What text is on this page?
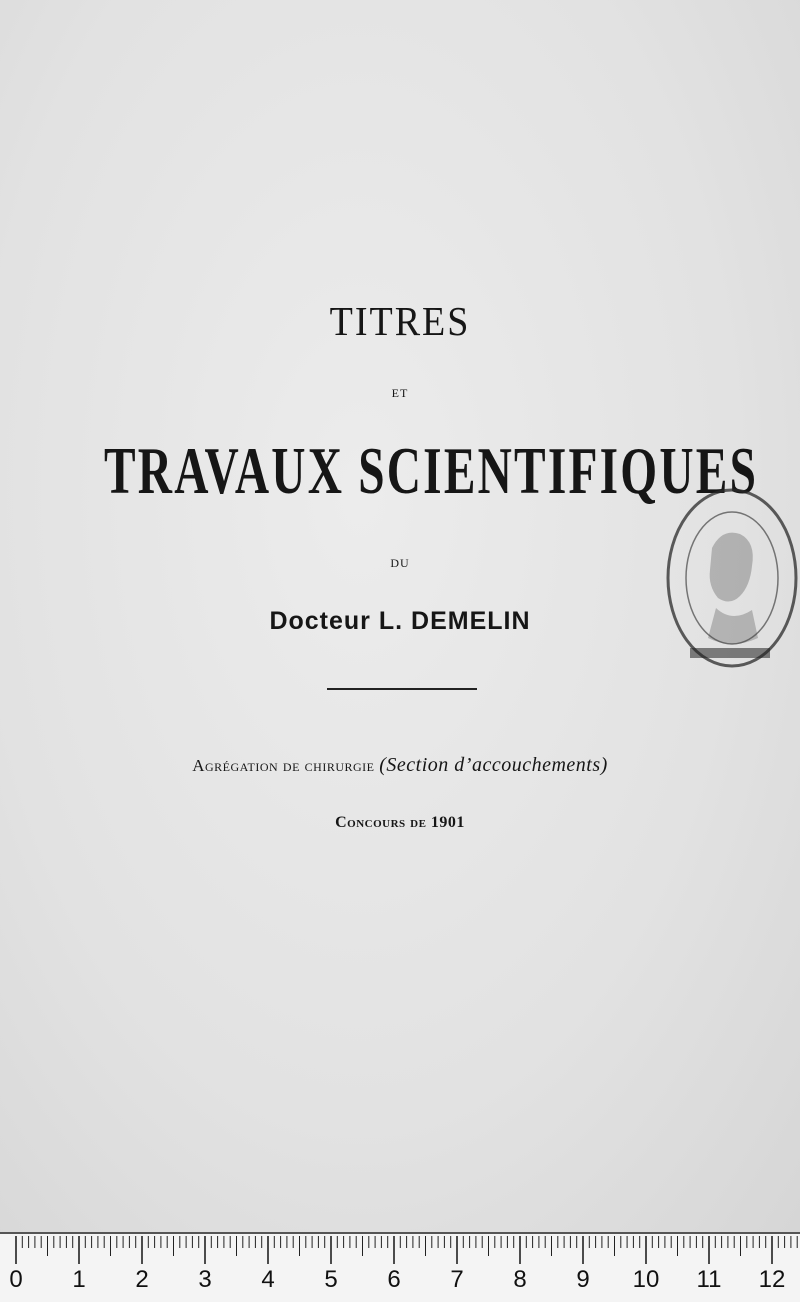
TITRES
ET
TRAVAUX SCIENTIFIQUES
DU
Docteur L. DEMELIN
Agrégation de chirurgie (Section d’accouchements)
Concours de 1901
0	1	2	3	4	5	6	7	8	9	10 11 12
